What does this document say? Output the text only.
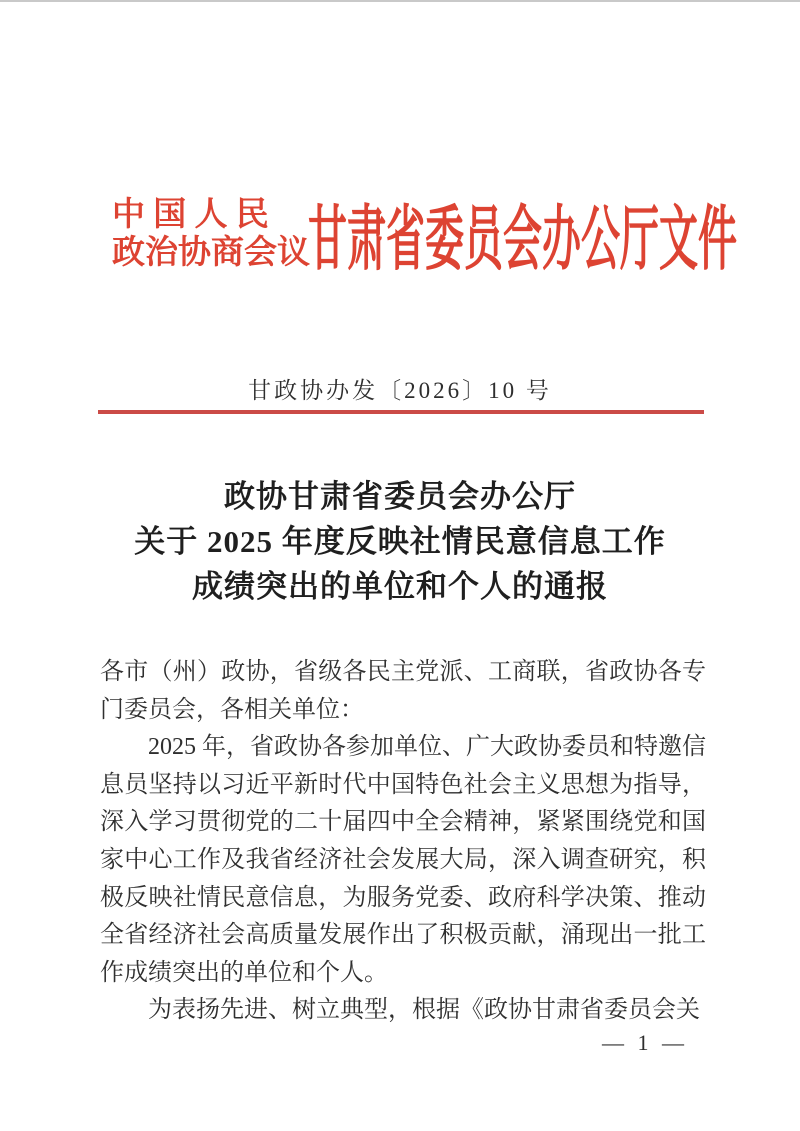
中 国 人 民
政治协商会议
甘肃省委员会办公厅文件
甘政协办发〔2026〕10 号
政协甘肃省委员会办公厅
关于 2025 年度反映社情民意信息工作
成绩突出的单位和个人的通报

各市（州）政协，省级各民主党派、工商联，省政协各专门委员会，各相关单位：

2025 年，省政协各参加单位、广大政协委员和特邀信息员坚持以习近平新时代中国特色社会主义思想为指导，深入学习贯彻党的二十届四中全会精神，紧紧围绕党和国家中心工作及我省经济社会发展大局，深入调查研究，积极反映社情民意信息，为服务党委、政府科学决策、推动全省经济社会高质量发展作出了积极贡献，涌现出一批工作成绩突出的单位和个人。

为表扬先进、树立典型，根据《政协甘肃省委员会关

— 1 —
